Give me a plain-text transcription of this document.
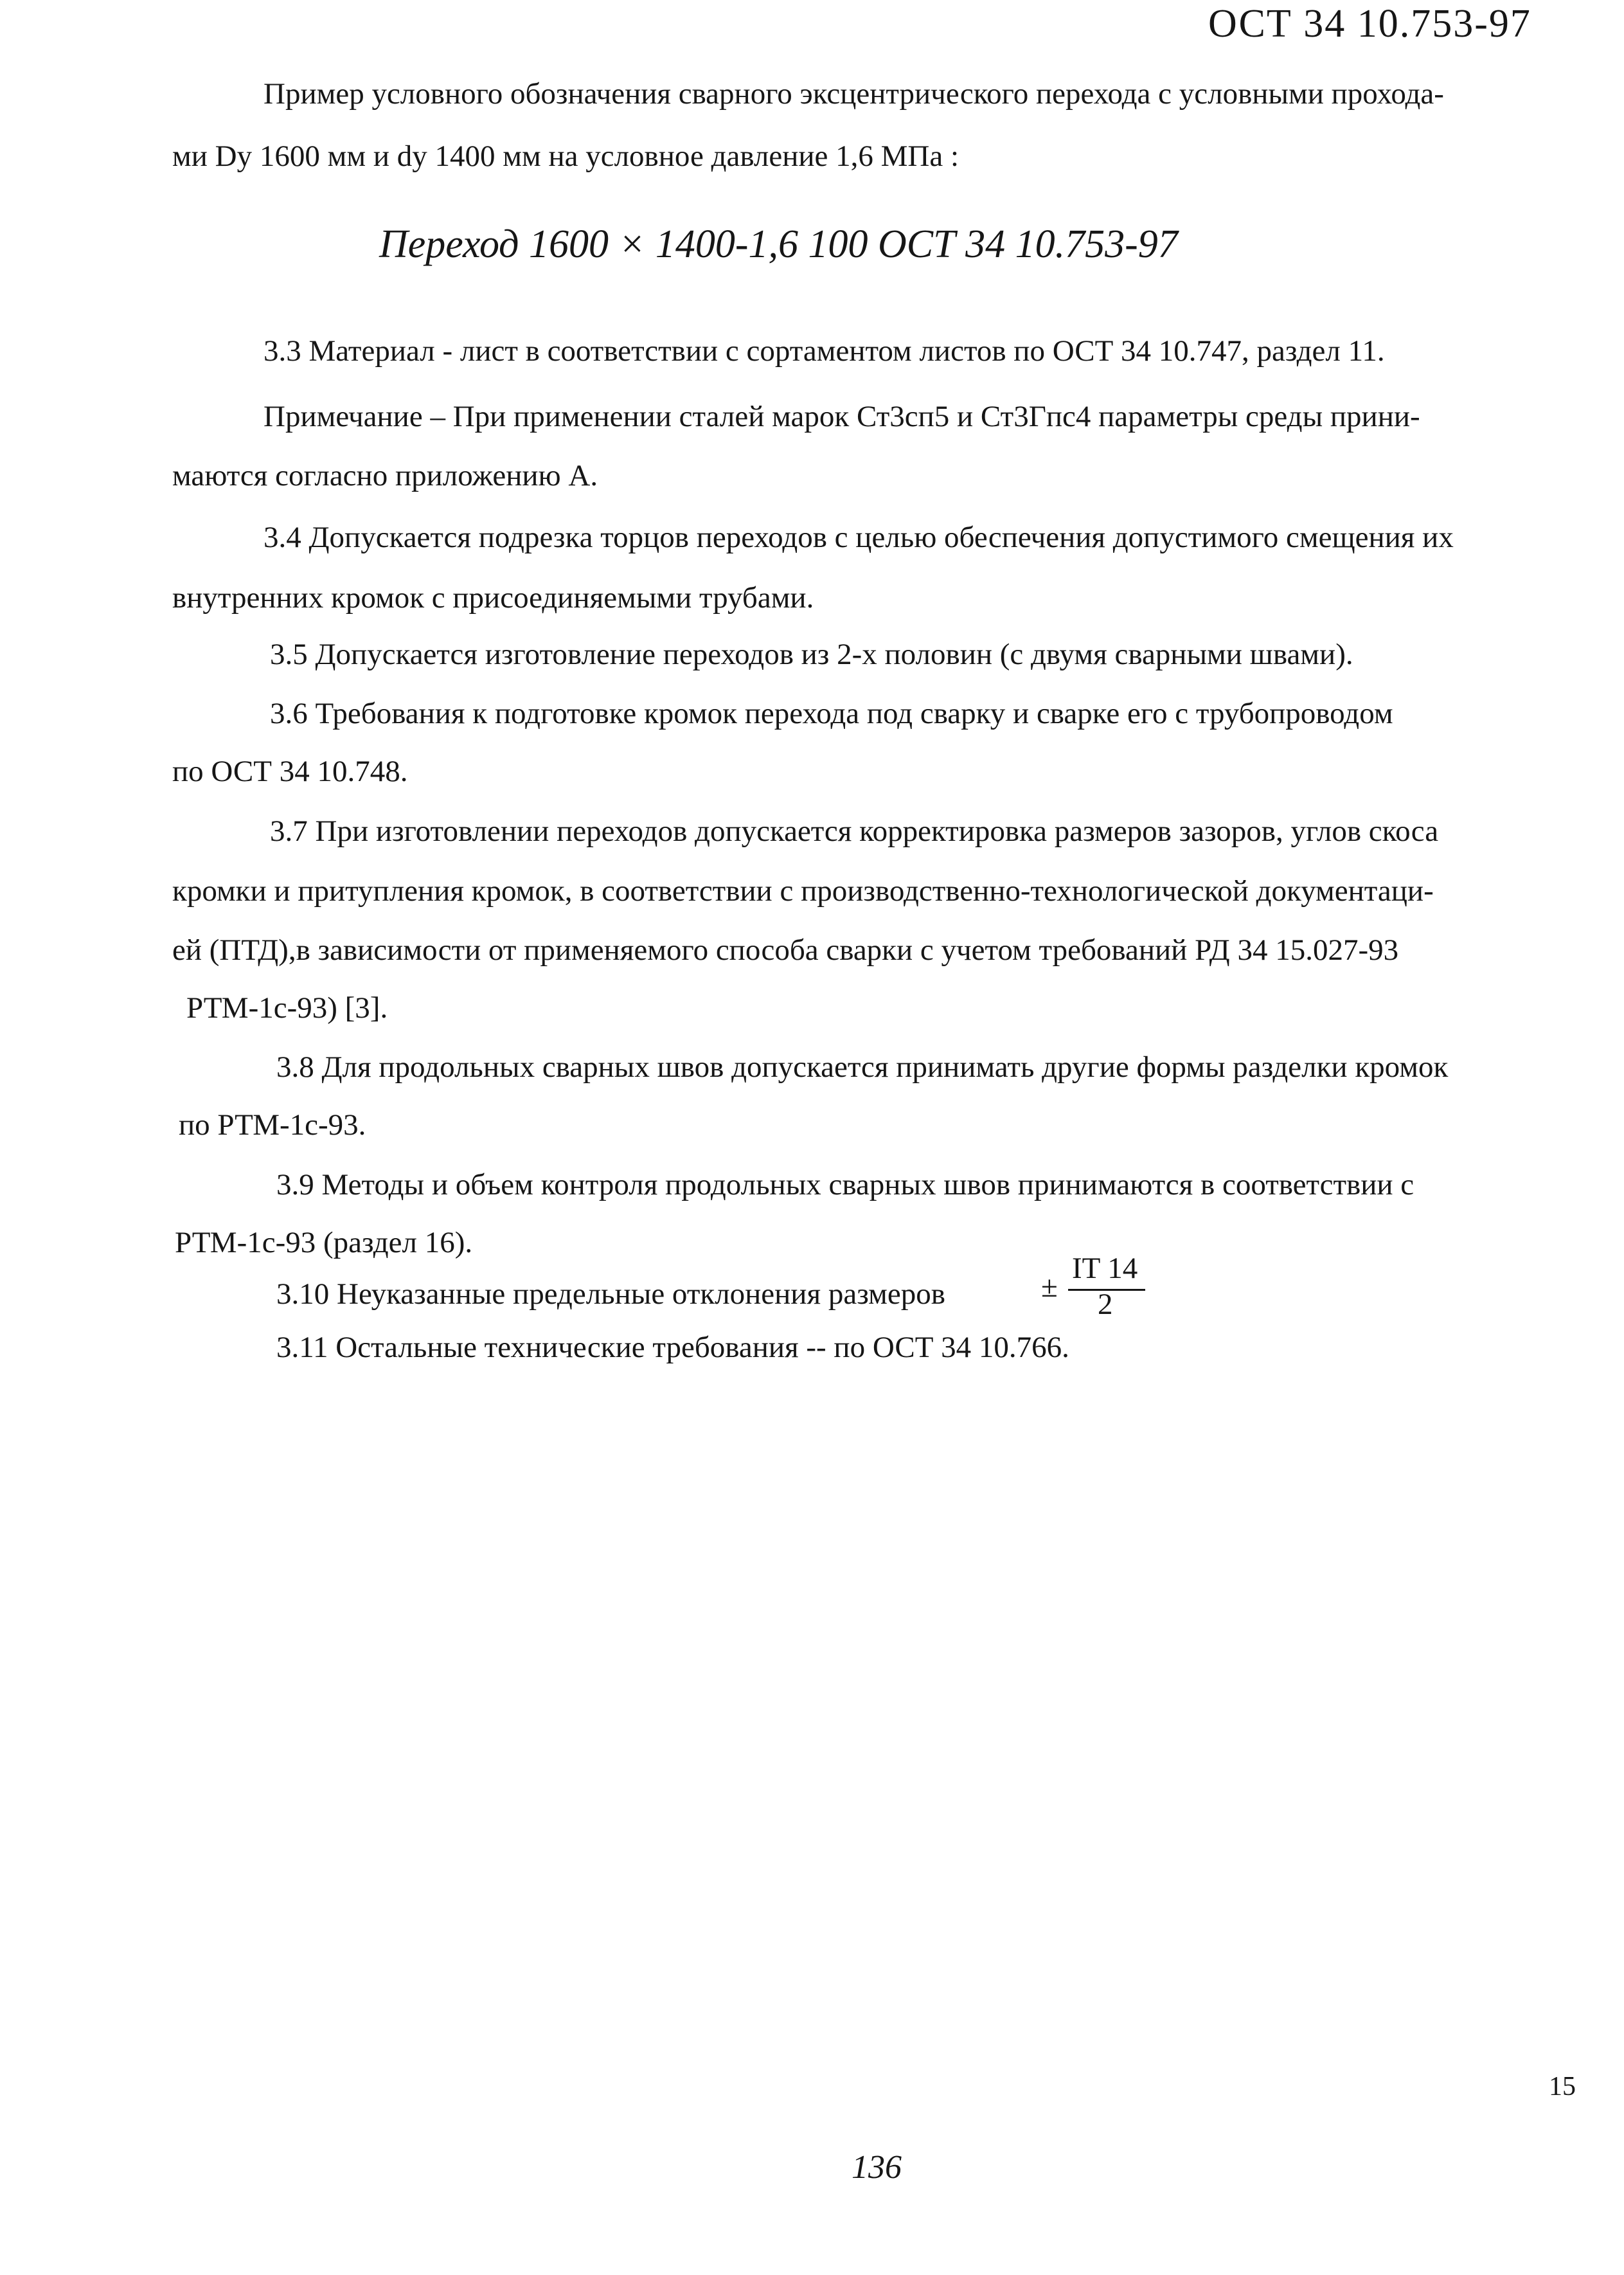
ОСТ 34 10.753-97
Пример условного обозначения сварного эксцентрического перехода с условными прохода-
ми Dy 1600 мм и dy 1400 мм на условное давление 1,6 МПа :
Переход 1600 × 1400-1,6 100 ОСТ 34 10.753-97
3.3 Материал - лист в соответствии с сортаментом листов по ОСТ 34 10.747, раздел 11.
Примечание – При применении сталей марок Ст3сп5 и Ст3Гпс4 параметры среды прини-
маются согласно приложению А.
3.4 Допускается подрезка торцов переходов с целью обеспечения допустимого смещения их
внутренних кромок с присоединяемыми трубами.
3.5 Допускается изготовление переходов из 2-х половин (с двумя сварными швами).
3.6 Требования к подготовке кромок перехода под сварку и сварке его с трубопроводом
по ОСТ 34 10.748.
3.7 При изготовлении переходов допускается корректировка размеров зазоров, углов скоса
кромки и притупления кромок, в соответствии с производственно-технологической документаци-
ей (ПТД),в зависимости от применяемого способа сварки с учетом требований РД 34 15.027-93
РТМ-1с-93) [3].
3.8 Для продольных сварных швов допускается принимать другие формы разделки кромок
по РТМ-1с-93.
3.9 Методы и объем контроля продольных сварных швов принимаются в соответствии с
РТМ-1с-93 (раздел 16).
3.10 Неуказанные предельные отклонения размеров	±
IT 14
2
3.11 Остальные технические требования -- по ОСТ 34 10.766.
15
136
